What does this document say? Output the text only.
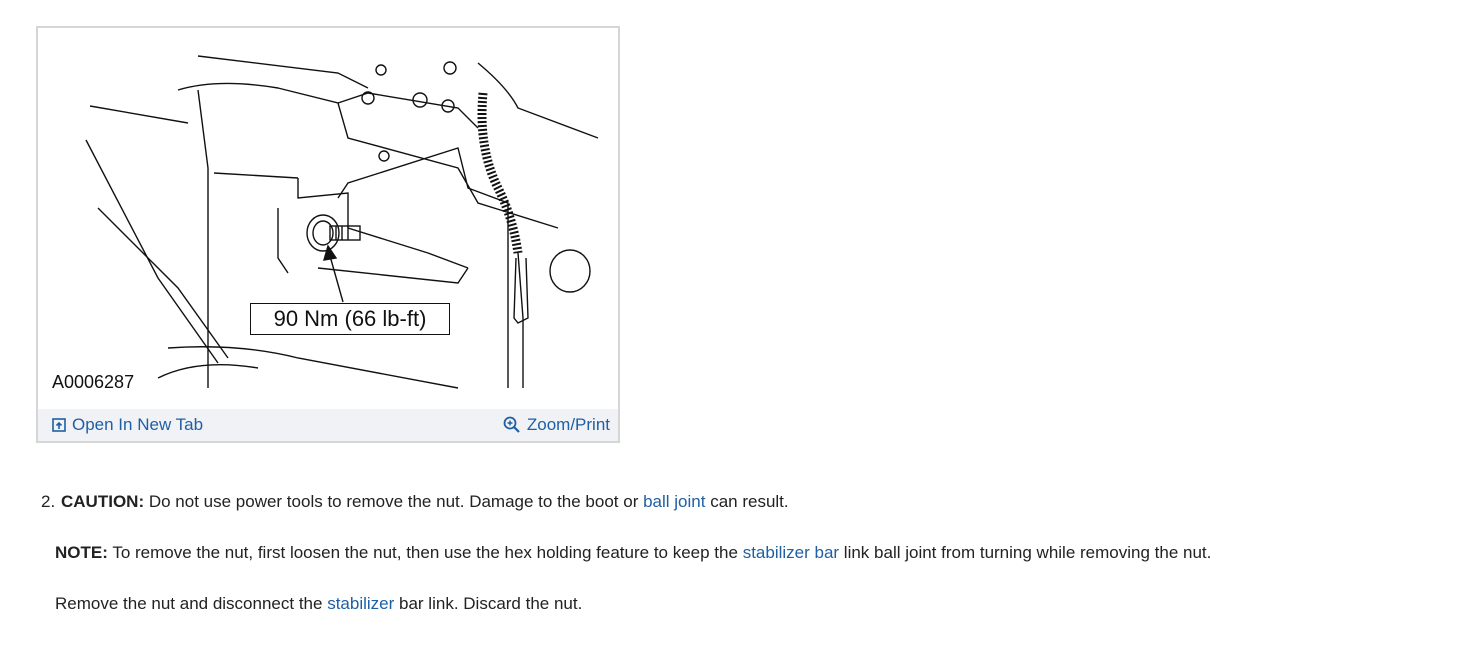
90 Nm (66 lb-ft)
A0006287
Open In New Tab	Zoom/Print
2. CAUTION: Do not use power tools to remove the nut. Damage to the boot or ball joint can result.
NOTE: To remove the nut, first loosen the nut, then use the hex holding feature to keep the stabilizer bar link ball joint from turning while removing the nut.
Remove the nut and disconnect the stabilizer bar link. Discard the nut.
